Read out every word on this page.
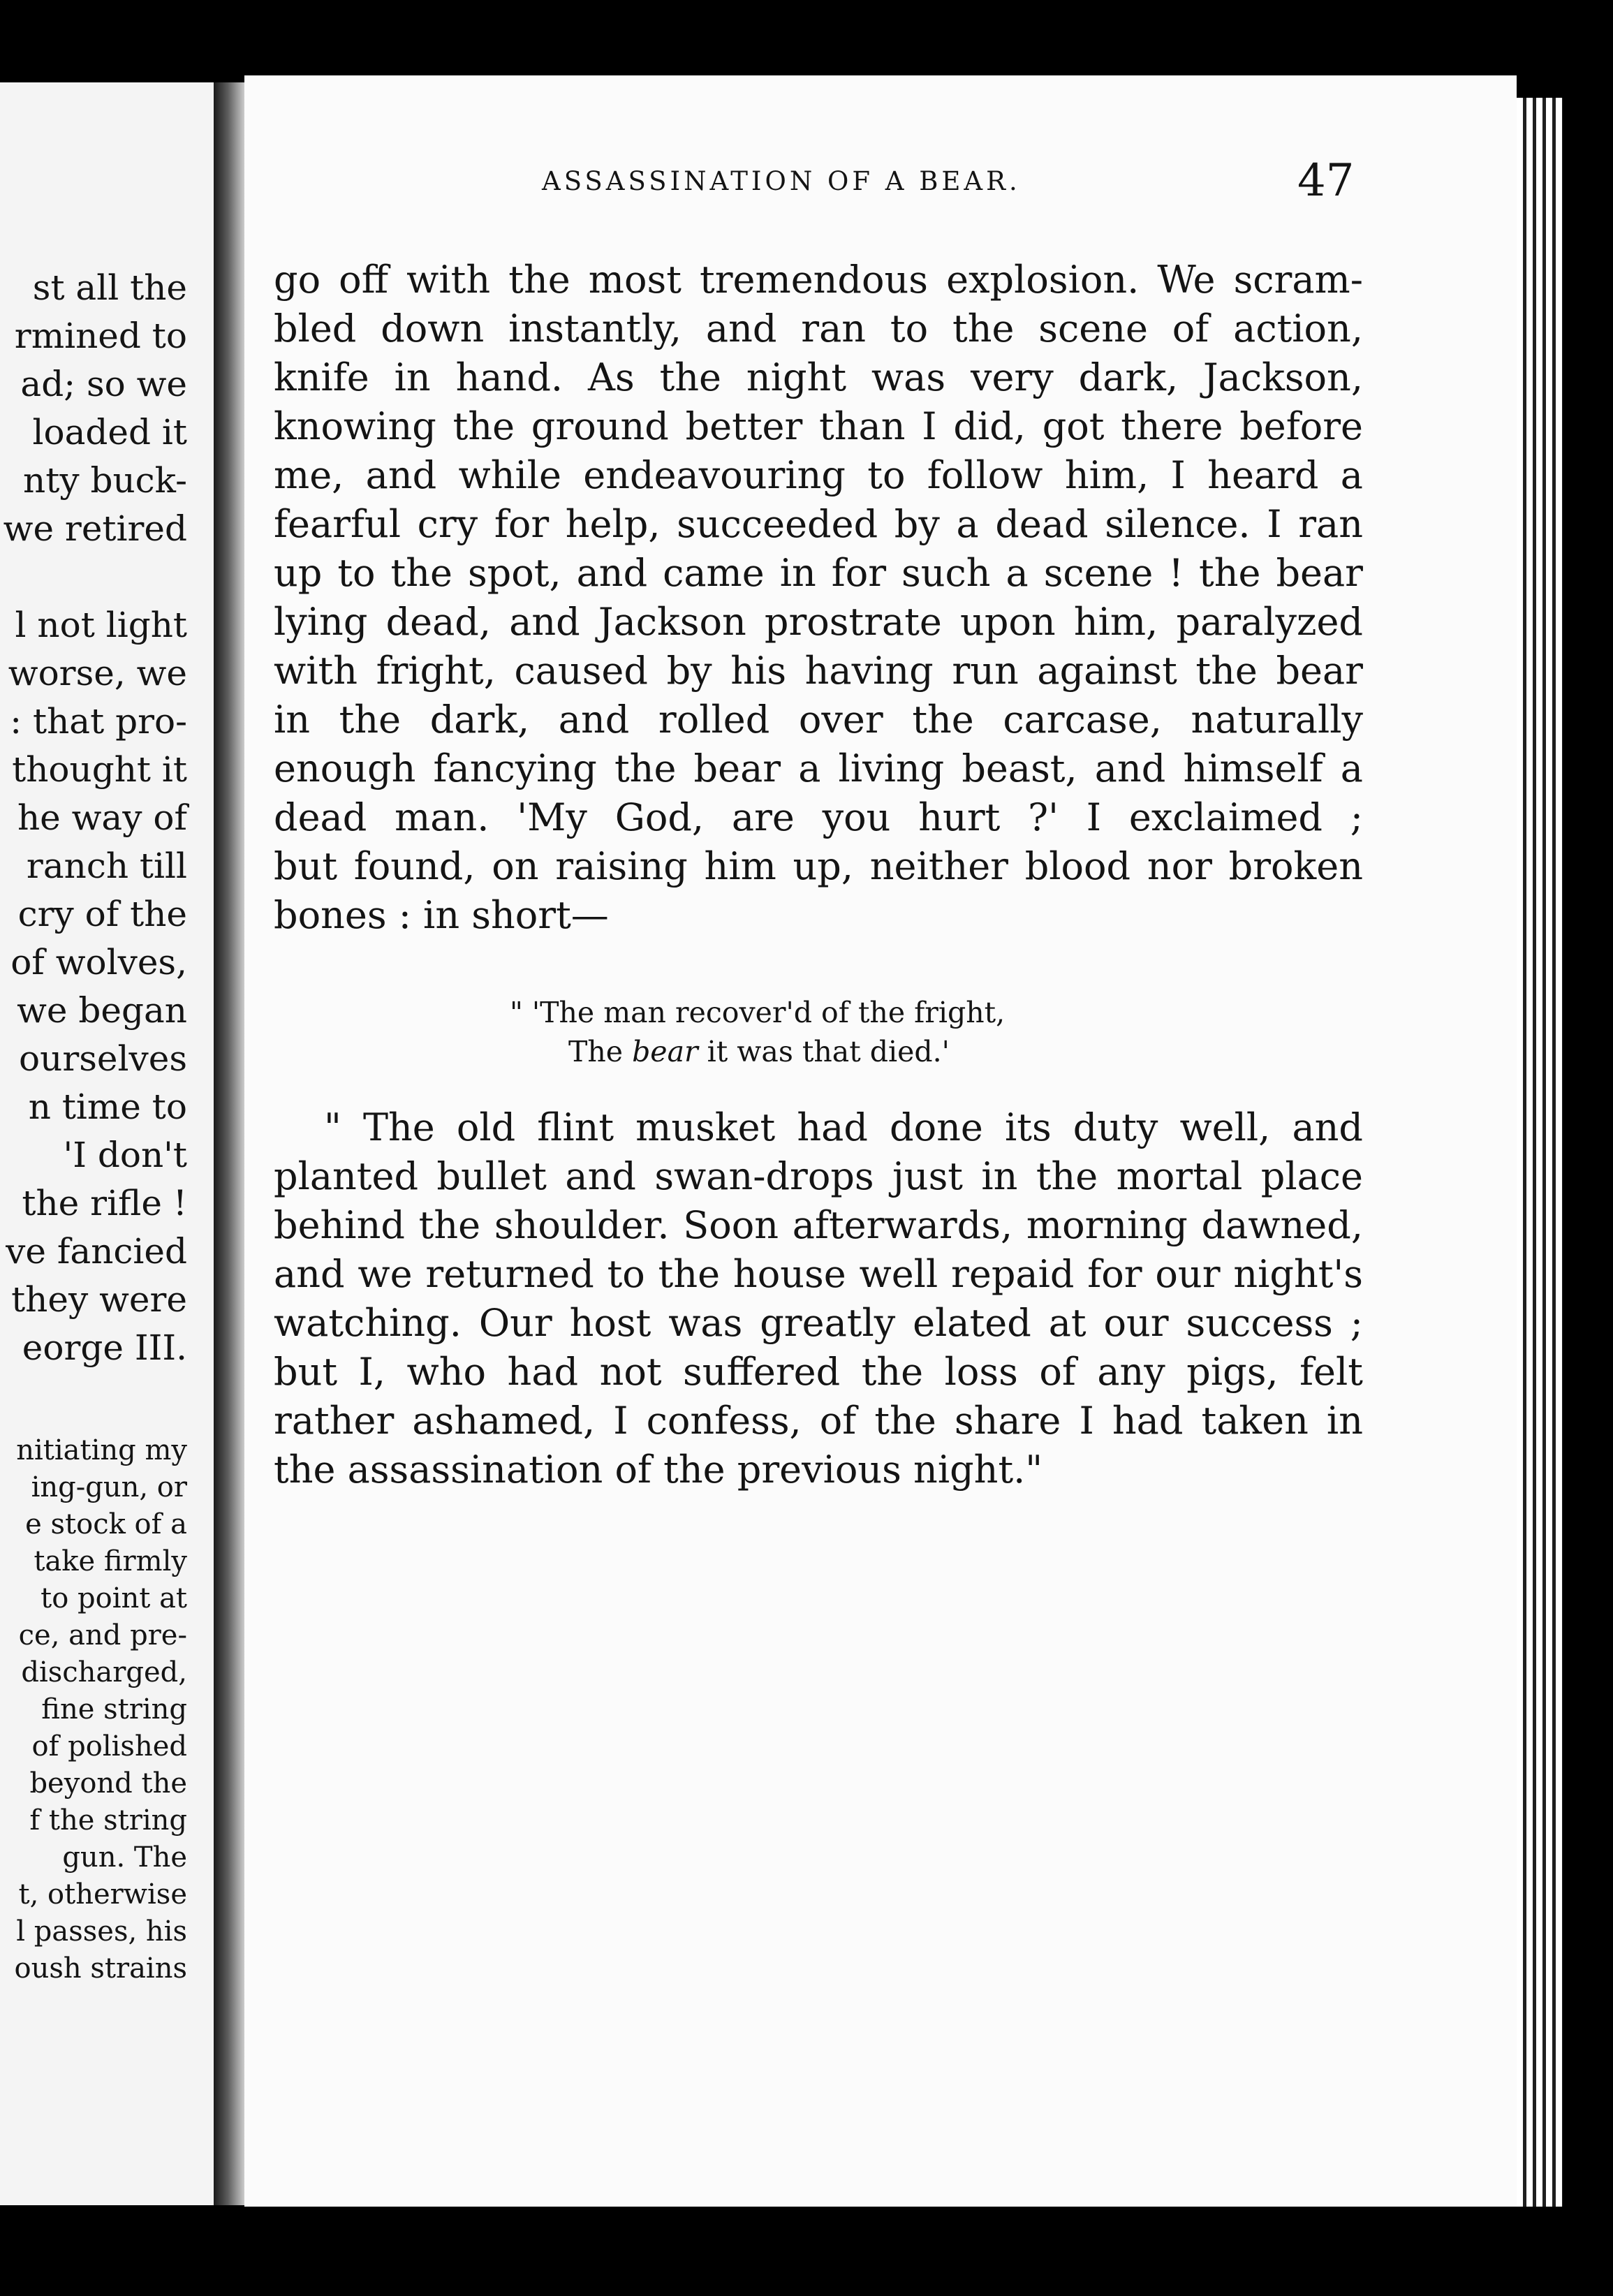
st all the
rmined to
ad; so we
loaded it
nty buck-
we retired
l not light
worse, we
: that pro-
thought it
he way of
ranch till
cry of the
of wolves,
we began
ourselves
n time to
'I don't
the rifle !
ve fancied
they were
eorge III.
nitiating my
ing-gun, or
e stock of a
take firmly
to point at
ce, and pre-
discharged,
fine string
of polished
beyond the
f the string
gun. The
t, otherwise
l passes, his
oush strains
ASSASSINATION OF A BEAR.	47
go off with the most tremendous explosion. We scram-
bled down instantly, and ran to the scene of action,
knife in hand. As the night was very dark, Jackson,
knowing the ground better than I did, got there before
me, and while endeavouring to follow him, I heard a
fearful cry for help, succeeded by a dead silence. I ran
up to the spot, and came in for such a scene ! the bear
lying dead, and Jackson prostrate upon him, paralyzed
with fright, caused by his having run against the bear
in the dark, and rolled over the carcase, naturally
enough fancying the bear a living beast, and himself a
dead man. 'My God, are you hurt ?' I exclaimed ;
but found, on raising him up, neither blood nor broken
bones : in short—
" 'The man recover'd of the fright,
The bear it was that died.'
" The old flint musket had done its duty well, and
planted bullet and swan-drops just in the mortal place
behind the shoulder. Soon afterwards, morning dawned,
and we returned to the house well repaid for our night's
watching. Our host was greatly elated at our success ;
but I, who had not suffered the loss of any pigs, felt
rather ashamed, I confess, of the share I had taken in
the assassination of the previous night."
